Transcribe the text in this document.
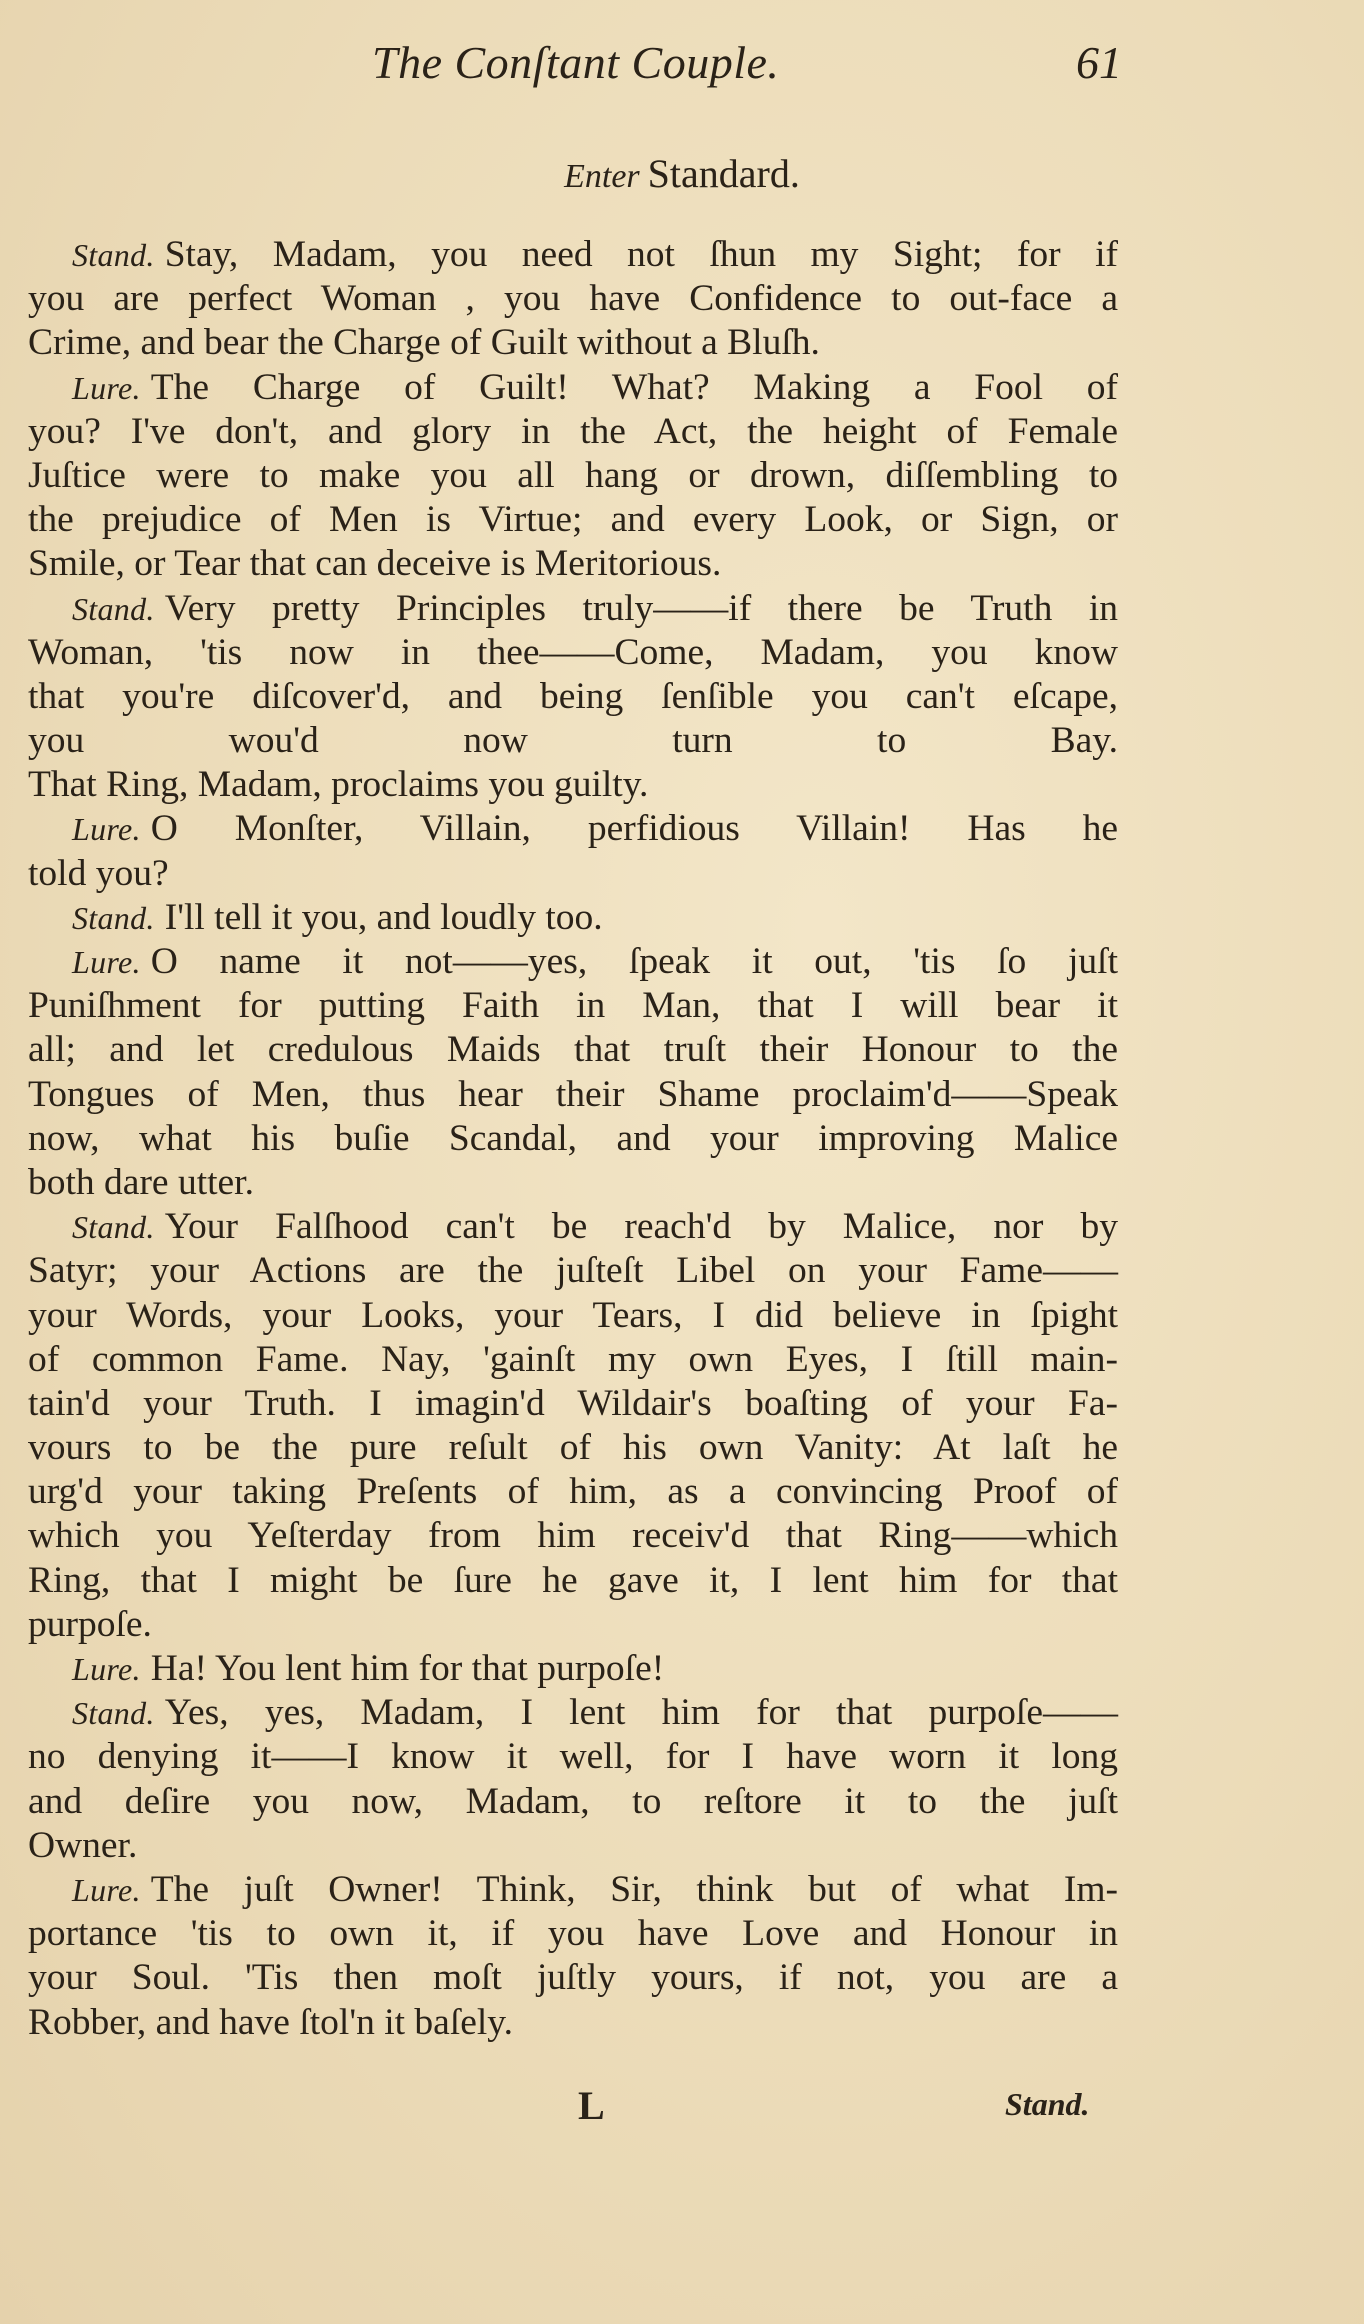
The Conſtant Couple.	61
Enter Standard.
Stand. Stay, Madam, you need not ſhun my Sight; for if
you are perfect Woman , you have Confidence to out-face a
Crime, and bear the Charge of Guilt without a Bluſh.
Lure. The Charge of Guilt! What? Making a Fool of
you? I've don't, and glory in the Act, the height of Female
Juſtice were to make you all hang or drown, diſſembling to
the prejudice of Men is Virtue; and every Look, or Sign, or
Smile, or Tear that can deceive is Meritorious.
Stand. Very pretty Principles truly——if there be Truth in
Woman, 'tis now in thee——Come, Madam, you know
that you're diſcover'd, and being ſenſible you can't eſcape,
you wou'd now turn to Bay.
That Ring, Madam, proclaims you guilty.
Lure. O Monſter, Villain, perfidious Villain! Has he
told you?
Stand. I'll tell it you, and loudly too.
Lure. O name it not——yes, ſpeak it out, 'tis ſo juſt
Puniſhment for putting Faith in Man, that I will bear it
all; and let credulous Maids that truſt their Honour to the
Tongues of Men, thus hear their Shame proclaim'd——Speak
now, what his buſie Scandal, and your improving Malice
both dare utter.
Stand. Your Falſhood can't be reach'd by Malice, nor by
Satyr; your Actions are the juſteſt Libel on your Fame——
your Words, your Looks, your Tears, I did believe in ſpight
of common Fame. Nay, 'gainſt my own Eyes, I ſtill main-
tain'd your Truth. I imagin'd Wildair's boaſting of your Fa-
vours to be the pure reſult of his own Vanity: At laſt he
urg'd your taking Preſents of him, as a convincing Proof of
which you Yeſterday from him receiv'd that Ring——which
Ring, that I might be ſure he gave it, I lent him for that
purpoſe.
Lure. Ha! You lent him for that purpoſe!
Stand. Yes, yes, Madam, I lent him for that purpoſe——
no denying it——I know it well, for I have worn it long
and deſire you now, Madam, to reſtore it to the juſt
Owner.
Lure. The juſt Owner! Think, Sir, think but of what Im-
portance 'tis to own it, if you have Love and Honour in
your Soul. 'Tis then moſt juſtly yours, if not, you are a
Robber, and have ſtol'n it baſely.
L	Stand.
